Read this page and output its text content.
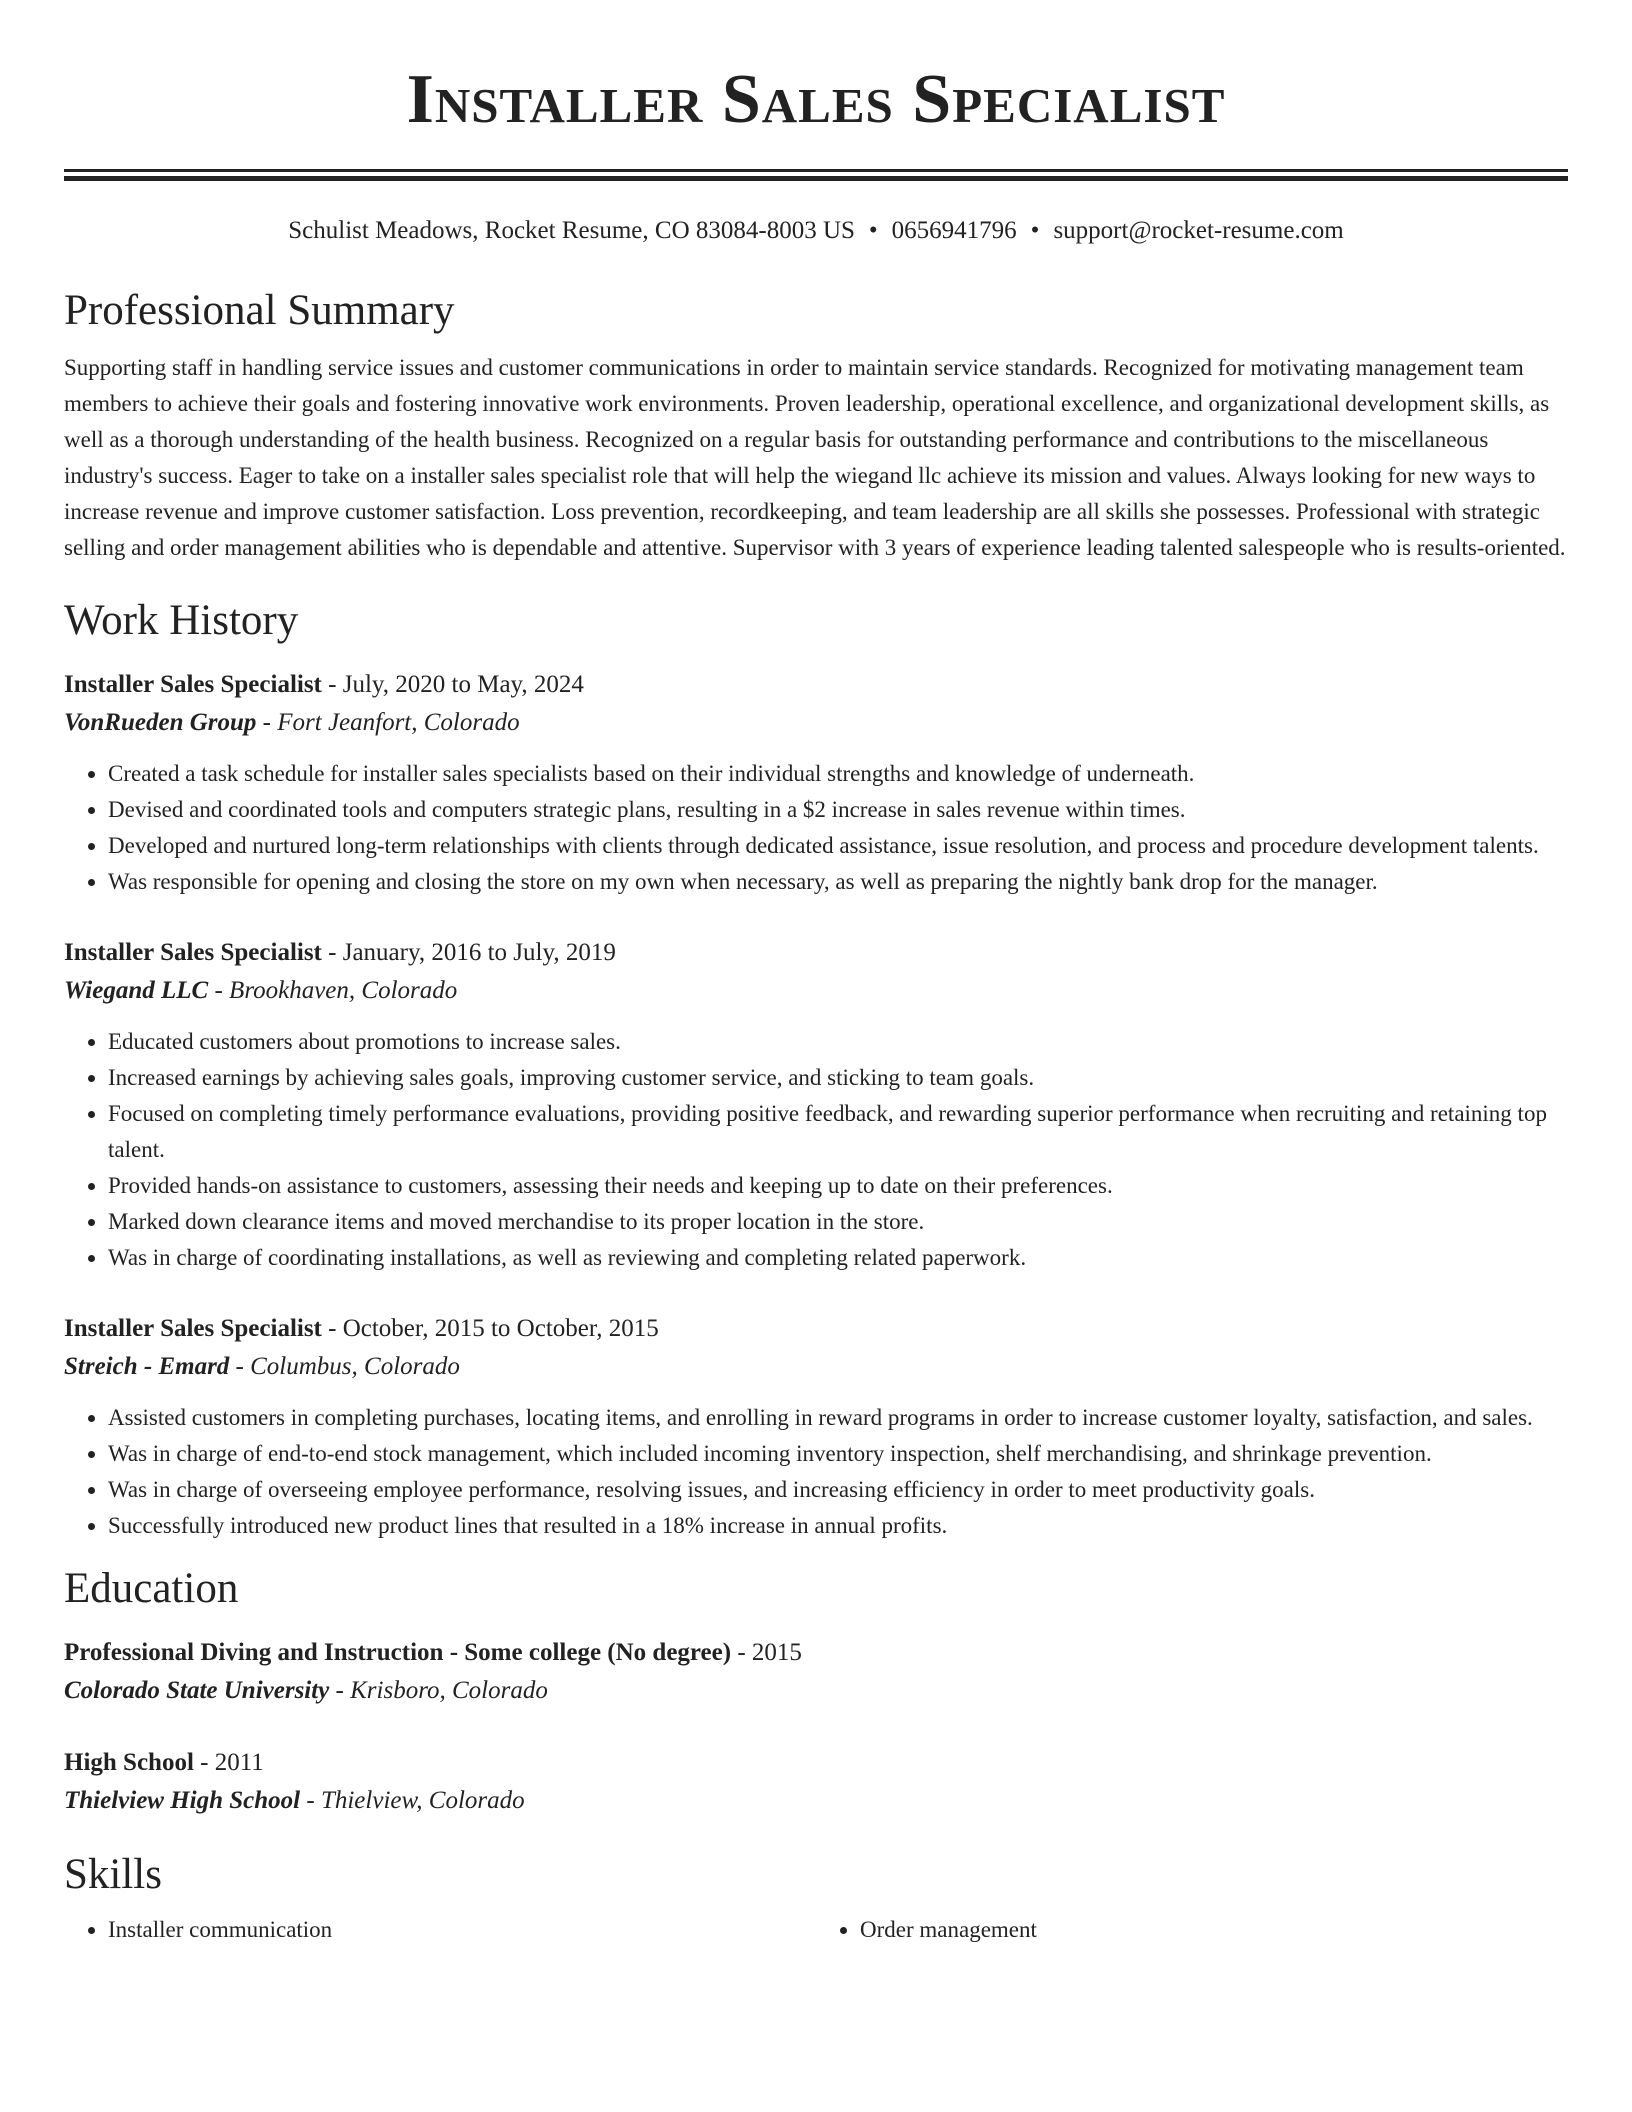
Installer Sales Specialist
Schulist Meadows, Rocket Resume, CO 83084-8003 US • 0656941796 • support@rocket-resume.com
Professional Summary

Supporting staff in handling service issues and customer communications in order to maintain service standards. Recognized for motivating management team members to achieve their goals and fostering innovative work environments. Proven leadership, operational excellence, and organizational development skills, as well as a thorough understanding of the health business. Recognized on a regular basis for outstanding performance and contributions to the miscellaneous industry's success. Eager to take on a installer sales specialist role that will help the wiegand llc achieve its mission and values. Always looking for new ways to increase revenue and improve customer satisfaction. Loss prevention, recordkeeping, and team leadership are all skills she possesses. Professional with strategic selling and order management abilities who is dependable and attentive. Supervisor with 3 years of experience leading talented salespeople who is results-oriented.

Work History
Installer Sales Specialist - July, 2020 to May, 2024
VonRueden Group - Fort Jeanfort, Colorado
• Created a task schedule for installer sales specialists based on their individual strengths and knowledge of underneath.
• Devised and coordinated tools and computers strategic plans, resulting in a $2 increase in sales revenue within times.
• Developed and nurtured long-term relationships with clients through dedicated assistance, issue resolution, and process and procedure development talents.
• Was responsible for opening and closing the store on my own when necessary, as well as preparing the nightly bank drop for the manager.
Installer Sales Specialist - January, 2016 to July, 2019
Wiegand LLC - Brookhaven, Colorado
• Educated customers about promotions to increase sales.
• Increased earnings by achieving sales goals, improving customer service, and sticking to team goals.
• Focused on completing timely performance evaluations, providing positive feedback, and rewarding superior performance when recruiting and retaining top talent.
• Provided hands-on assistance to customers, assessing their needs and keeping up to date on their preferences.
• Marked down clearance items and moved merchandise to its proper location in the store.
• Was in charge of coordinating installations, as well as reviewing and completing related paperwork.
Installer Sales Specialist - October, 2015 to October, 2015
Streich - Emard - Columbus, Colorado
• Assisted customers in completing purchases, locating items, and enrolling in reward programs in order to increase customer loyalty, satisfaction, and sales.
• Was in charge of end-to-end stock management, which included incoming inventory inspection, shelf merchandising, and shrinkage prevention.
• Was in charge of overseeing employee performance, resolving issues, and increasing efficiency in order to meet productivity goals.
• Successfully introduced new product lines that resulted in a 18% increase in annual profits.
Education
Professional Diving and Instruction - Some college (No degree) - 2015
Colorado State University - Krisboro, Colorado
High School - 2011
Thielview High School - Thielview, Colorado
Skills
• Installer communication
•	Order management
